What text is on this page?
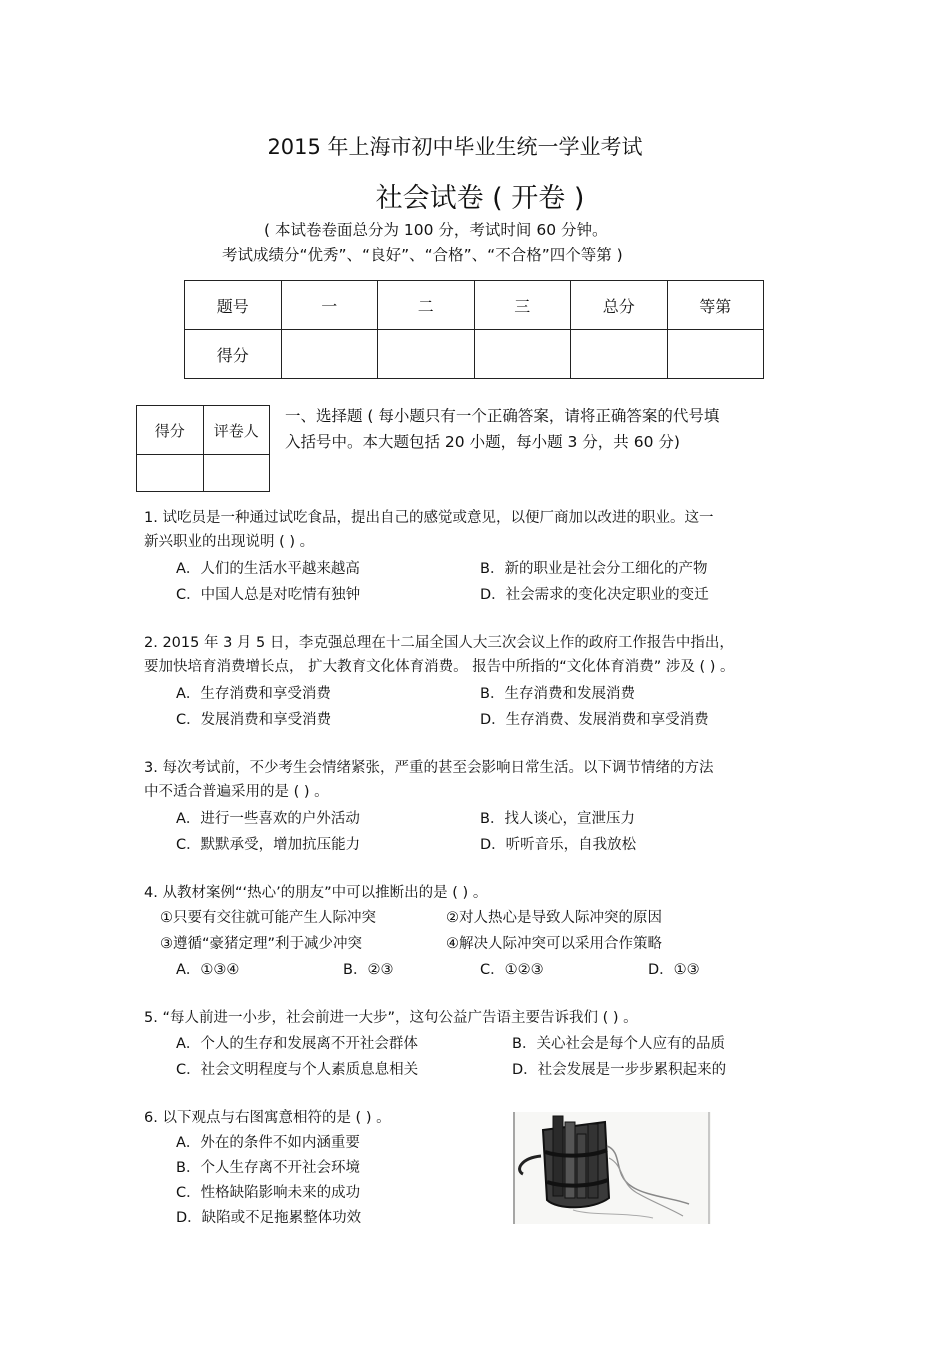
2015 年上海市初中毕业生统一学业考试
社会试卷 ( 开卷 )
( 本试卷卷面总分为 100 分，考试时间 60 分钟。
考试成绩分“优秀”、“良好”、“合格”、“不合格”四个等第 )
题号	一	二	三	总分	等第
得分					
得分	评卷人

一、选择题 ( 每小题只有一个正确答案，请将正确答案的代号填
入括号中。本大题包括 20 小题，每小题 3 分，共 60 分)
1. 试吃员是一种通过试吃食品，提出自己的感觉或意见，以便厂商加以改进的职业。这一
新兴职业的出现说明 ( ) 。
A．人们的生活水平越来越高	B．新的职业是社会分工细化的产物
C．中国人总是对吃情有独钟	D．社会需求的变化决定职业的变迁
2. 2015 年 3 月 5 日，李克强总理在十二届全国人大三次会议上作的政府工作报告中指出，
要加快培育消费增长点， 扩大教育文化体育消费。 报告中所指的“文化体育消费” 涉及 ( ) 。
A．生存消费和享受消费	B．生存消费和发展消费
C．发展消费和享受消费	D．生存消费、发展消费和享受消费
3. 每次考试前，不少考生会情绪紧张，严重的甚至会影响日常生活。以下调节情绪的方法
中不适合普遍采用的是 ( ) 。
A．进行一些喜欢的户外活动	B．找人谈心，宣泄压力
C．默默承受，增加抗压能力	D．听听音乐，自我放松
4. 从教材案例“‘热心’的朋友”中可以推断出的是 ( ) 。
①只要有交往就可能产生人际冲突	②对人热心是导致人际冲突的原因
③遵循“豪猪定理”利于减少冲突	④解决人际冲突可以采用合作策略
A．①③④	B．②③	C．①②③	D．①③
5. “每人前进一小步，社会前进一大步”，这句公益广告语主要告诉我们 ( ) 。
A．个人的生存和发展离不开社会群体	B．关心社会是每个人应有的品质
C．社会文明程度与个人素质息息相关	D．社会发展是一步步累积起来的
6. 以下观点与右图寓意相符的是 ( ) 。
A．外在的条件不如内涵重要
B．个人生存离不开社会环境
C．性格缺陷影响未来的成功
D．缺陷或不足拖累整体功效
